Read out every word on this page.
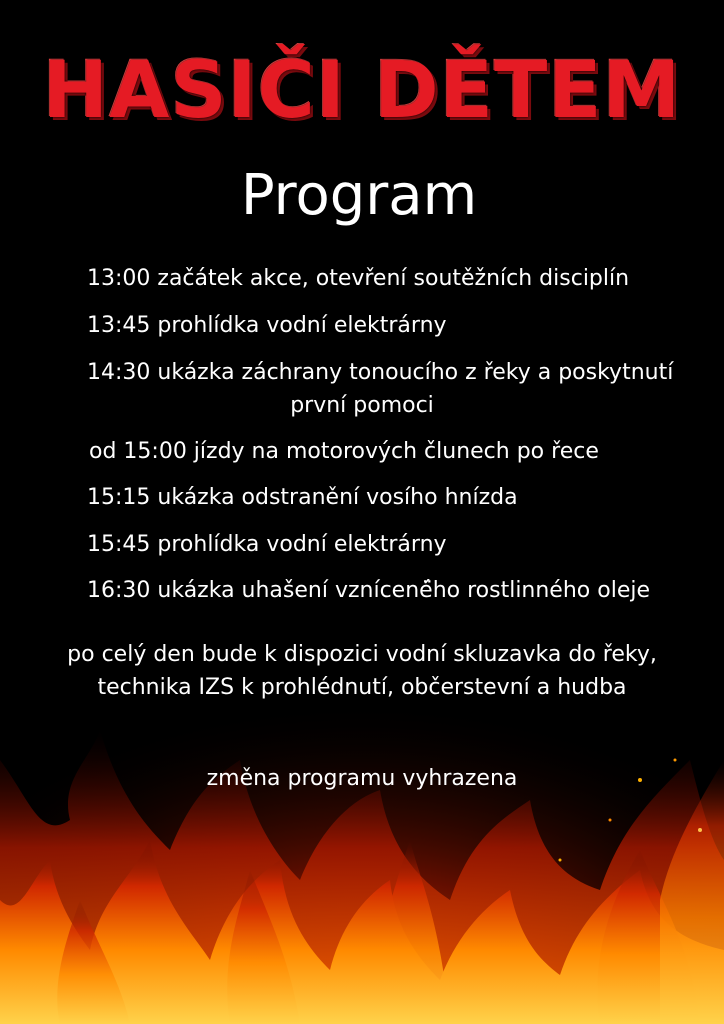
HASIČI DĚTEM
Program
13:00 začátek akce, otevření soutěžních disciplín
13:45 prohlídka vodní elektrárny
14:30 ukázka záchrany tonoucího z řeky a poskytnutí
první pomoci
od 15:00 jízdy na motorových člunech po řece
15:15 ukázka odstranění vosího hnízda
15:45 prohlídka vodní elektrárny
16:30 ukázka uhašení vznícené̈ho rostlinného oleje
po celý den bude k dispozici vodní skluzavka do řeky,
technika IZS k prohlédnutí, občerstevní a hudba
změna programu vyhrazena
